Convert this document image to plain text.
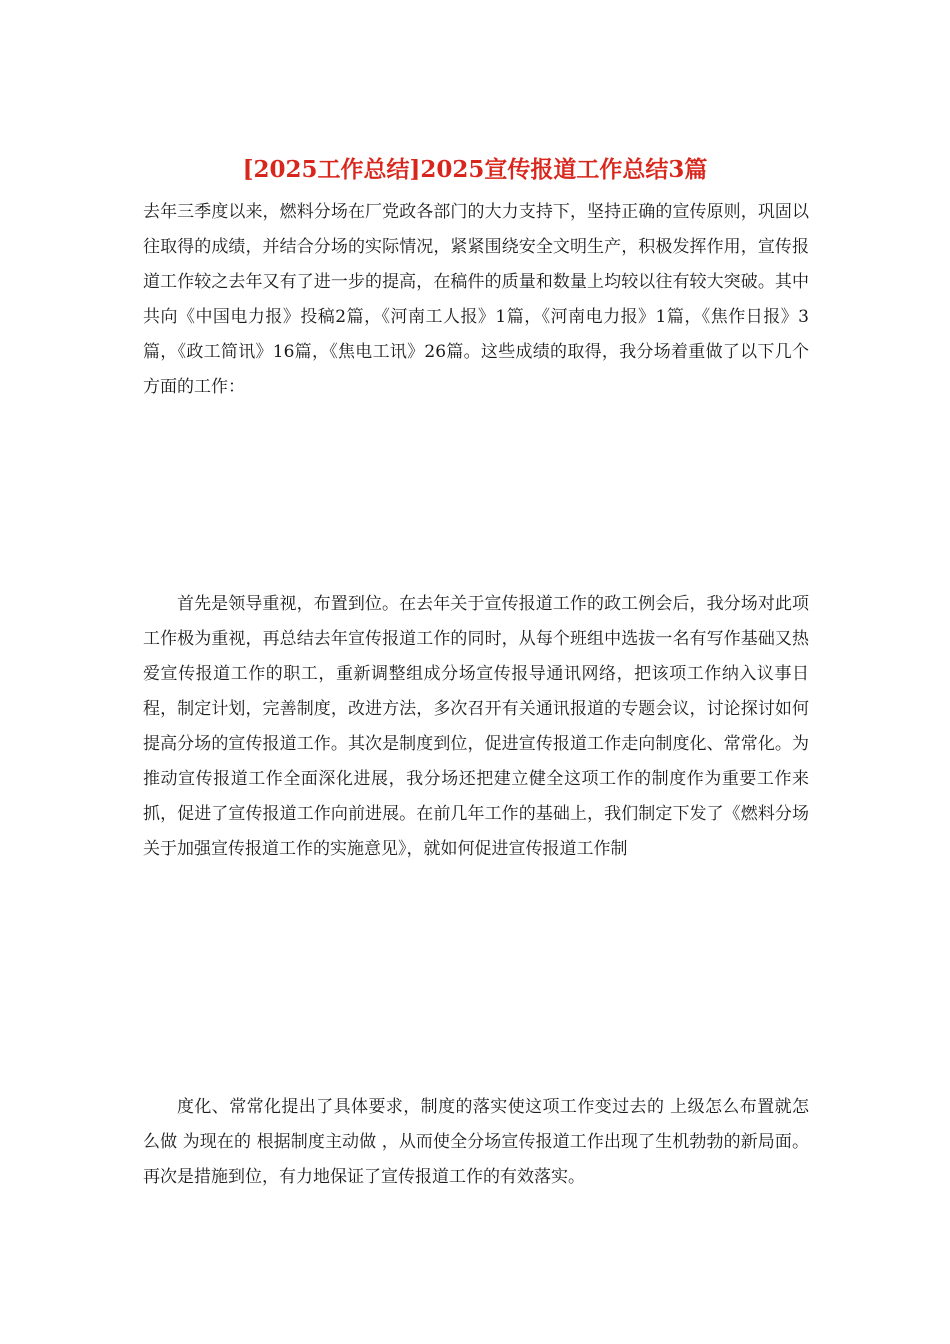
[2025工作总结]2025宣传报道工作总结3篇

去年三季度以来，燃料分场在厂党政各部门的大力支持下，坚持正确的宣传原则，巩固以往取得的成绩，并结合分场的实际情况，紧紧围绕安全文明生产，积极发挥作用，宣传报道工作较之去年又有了进一步的提高，在稿件的质量和数量上均较以往有较大突破。其中共向《中国电力报》投稿2篇，《河南工人报》1篇，《河南电力报》1篇，《焦作日报》3篇，《政工简讯》16篇，《焦电工讯》26篇。这些成绩的取得，我分场着重做了以下几个方面的工作：

首先是领导重视，布置到位。在去年关于宣传报道工作的政工例会后，我分场对此项工作极为重视，再总结去年宣传报道工作的同时，从每个班组中选拔一名有写作基础又热爱宣传报道工作的职工，重新调整组成分场宣传报导通讯网络，把该项工作纳入议事日程，制定计划，完善制度，改进方法，多次召开有关通讯报道的专题会议，讨论探讨如何提高分场的宣传报道工作。其次是制度到位，促进宣传报道工作走向制度化、常常化。为推动宣传报道工作全面深化进展，我分场还把建立健全这项工作的制度作为重要工作来抓，促进了宣传报道工作向前进展。在前几年工作的基础上，我们制定下发了《燃料分场关于加强宣传报道工作的实施意见》，就如何促进宣传报道工作制

度化、常常化提出了具体要求，制度的落实使这项工作变过去的 上级怎么布置就怎么做 为现在的 根据制度主动做 ，从而使全分场宣传报道工作出现了生机勃勃的新局面。再次是措施到位，有力地保证了宣传报道工作的有效落实。
